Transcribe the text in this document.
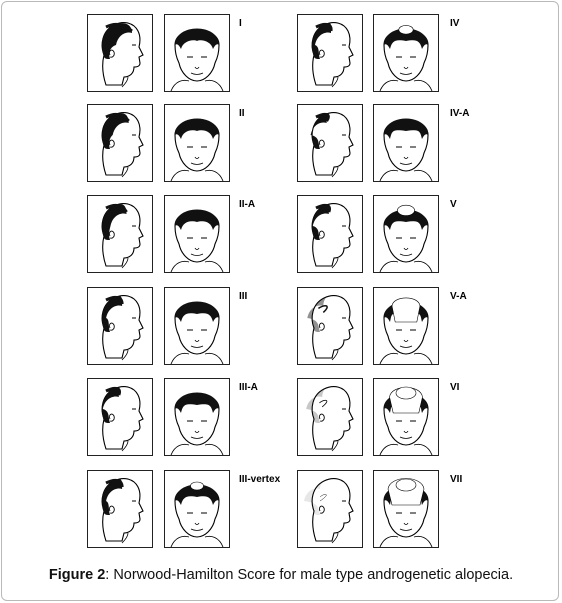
I
II
II-A
III
III-A
III-vertex
IV
IV-A
V
V-A
VI
VII
Figure 2: Norwood-Hamilton Score for male type androgenetic alopecia.
